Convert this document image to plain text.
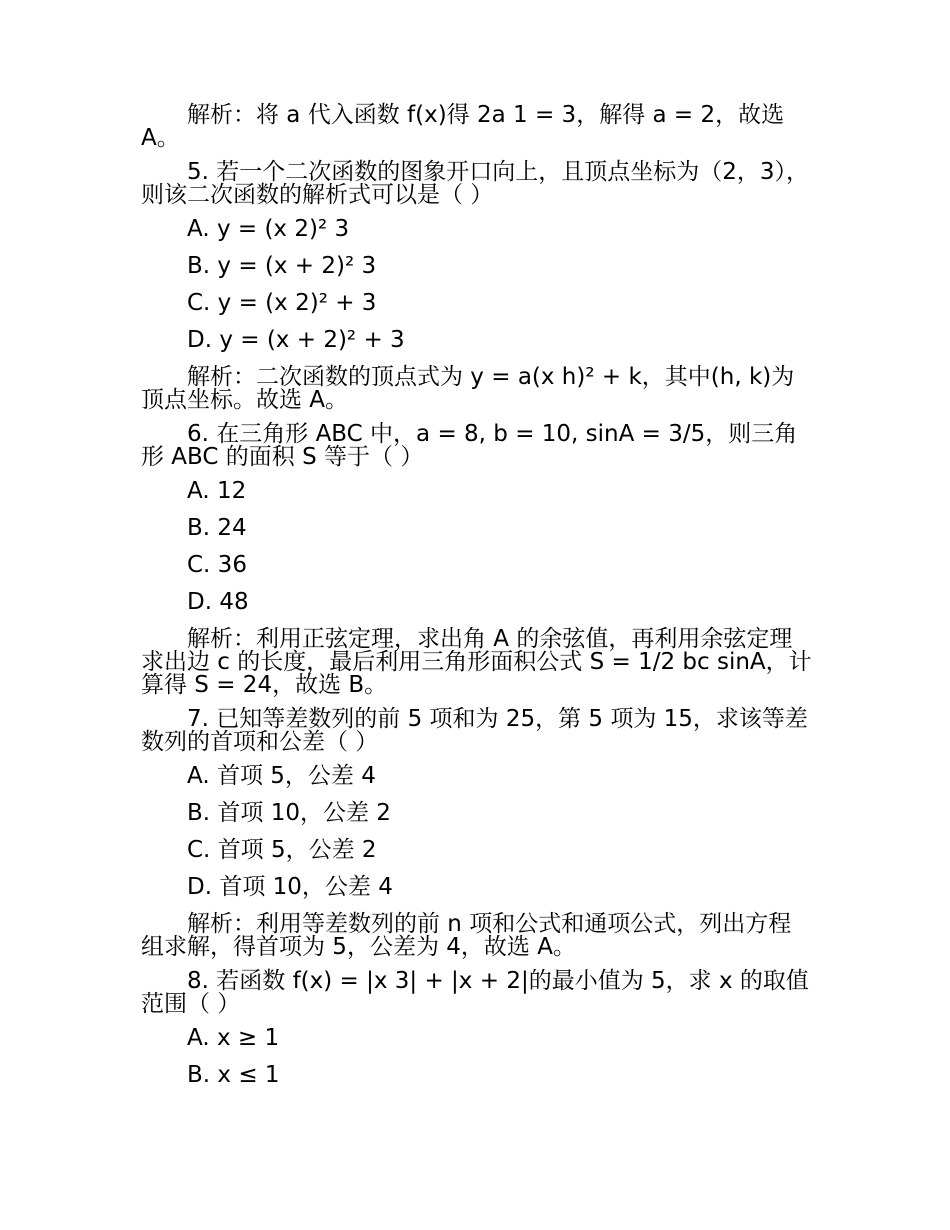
解析：将 a 代入函数 f(x)得 2a 1 = 3，解得 a = 2，故选A。

5. 若一个二次函数的图象开口向上，且顶点坐标为（2，3），则该二次函数的解析式可以是（ ）

A. y = (x 2)² 3

B. y = (x + 2)² 3

C. y = (x 2)² + 3

D. y = (x + 2)² + 3

解析：二次函数的顶点式为 y = a(x h)² + k，其中(h, k)为顶点坐标。故选 A。

6. 在三角形 ABC 中，a = 8, b = 10, sinA = 3/5，则三角形 ABC 的面积 S 等于（ ）

A. 12

B. 24

C. 36

D. 48

解析：利用正弦定理，求出角 A 的余弦值，再利用余弦定理求出边 c 的长度，最后利用三角形面积公式 S = 1/2 bc sinA，计算得 S = 24，故选 B。

7. 已知等差数列的前 5 项和为 25，第 5 项为 15，求该等差数列的首项和公差（ ）

A. 首项 5，公差 4

B. 首项 10，公差 2

C. 首项 5，公差 2

D. 首项 10，公差 4

解析：利用等差数列的前 n 项和公式和通项公式，列出方程组求解，得首项为 5，公差为 4，故选 A。

8. 若函数 f(x) = |x 3| + |x + 2|的最小值为 5，求 x 的取值范围（ ）

A. x ≥ 1

B. x ≤ 1
